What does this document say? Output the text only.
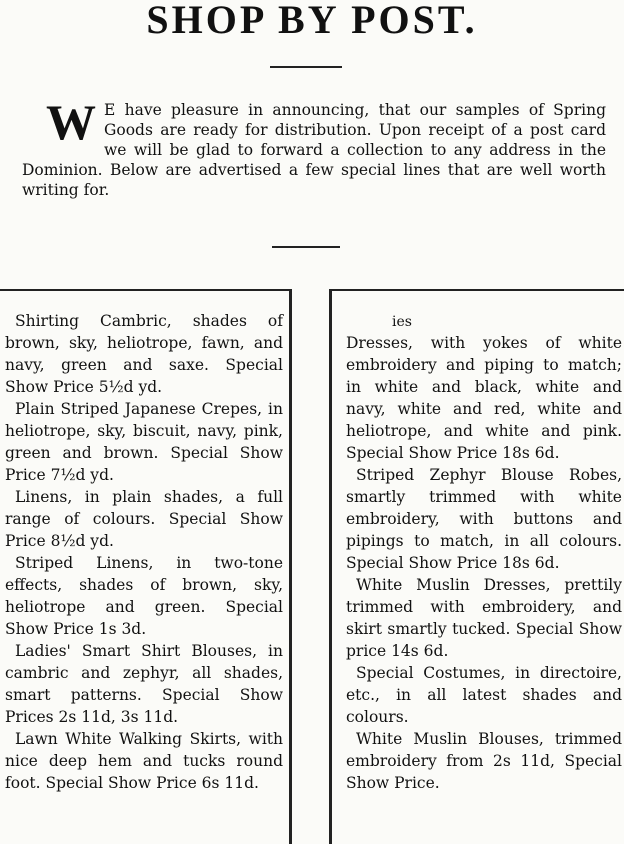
SHOP BY POST.
W E have pleasure in announcing, that our samples of Spring Goods are ready for distribution. Upon receipt of a post card we will be glad to forward a collection to any address in the Dominion. Below are advertised a few special lines that are well worth writing for.

Shirting Cambric, shades of brown, sky, heliotrope, fawn, and navy, green and saxe. Special Show Price 5½d yd.

Plain Striped Japanese Crepes, in heliotrope, sky, biscuit, navy, pink, green and brown. Special Show Price 7½d yd.

Linens, in plain shades, a full range of colours. Special Show Price 8½d yd.

Striped Linens, in two-tone effects, shades of brown, sky, heliotrope and green. Special Show Price 1s 3d.

Ladies' Smart Shirt Blouses, in cambric and zephyr, all shades, smart patterns. Special Show Prices 2s 11d, 3s 11d.

Lawn White Walking Skirts, with nice deep hem and tucks round foot. Special Show Price 6s 11d.

ies

Dresses, with yokes of white embroidery and piping to match; in white and black, white and navy, white and red, white and heliotrope, and white and pink. Special Show Price 18s 6d.

Striped Zephyr Blouse Robes, smartly trimmed with white embroidery, with buttons and pipings to match, in all colours. Special Show Price 18s 6d.

White Muslin Dresses, prettily trimmed with embroidery, and skirt smartly tucked. Special Show price 14s 6d.

Special Costumes, in directoire, etc., in all latest shades and colours.

White Muslin Blouses, trimmed embroidery from 2s 11d, Special Show Price.
